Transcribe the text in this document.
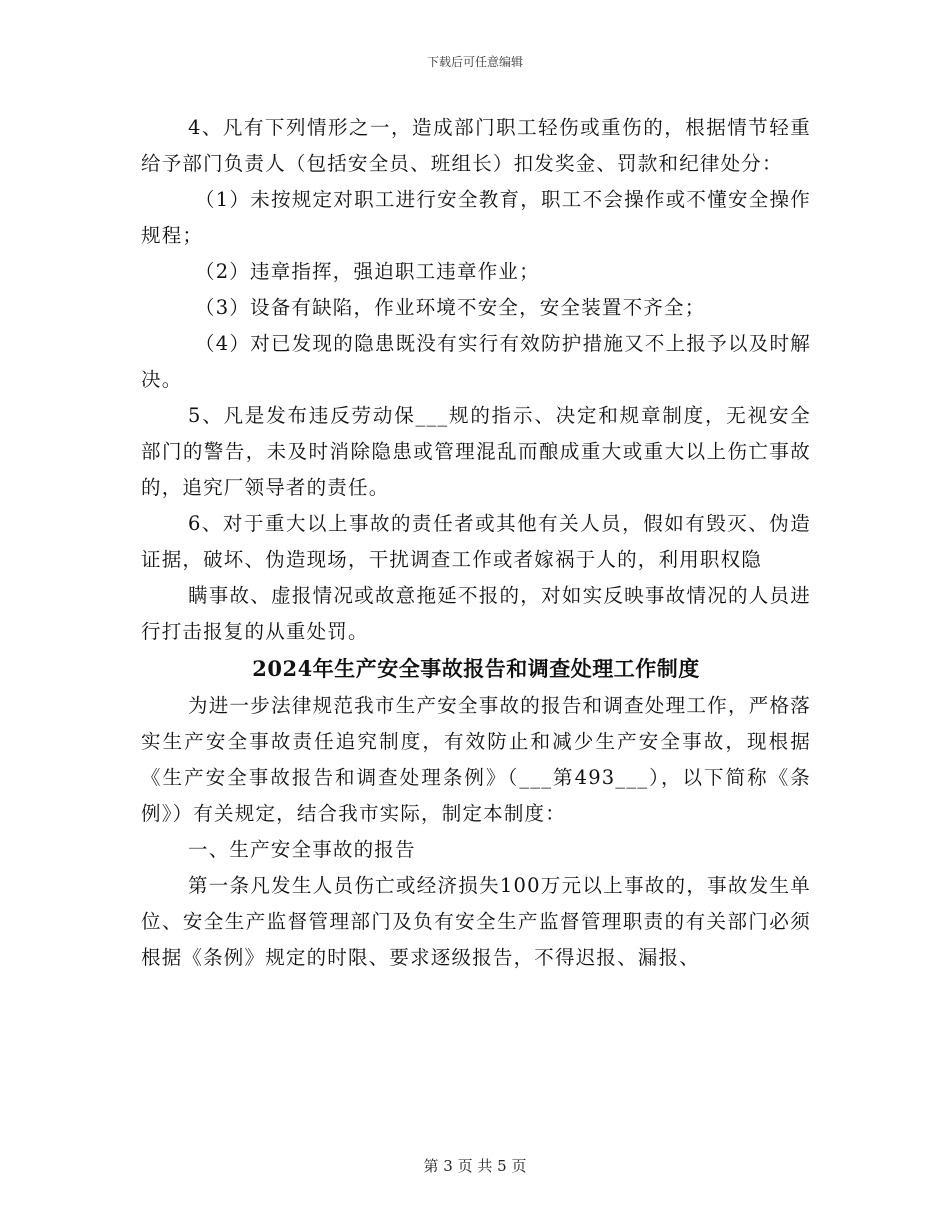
下载后可任意编辑

4、凡有下列情形之一，造成部门职工轻伤或重伤的，根据情节轻重给予部门负责人（包括安全员、班组长）扣发奖金、罚款和纪律处分：

（1）未按规定对职工进行安全教育，职工不会操作或不懂安全操作规程；

（2）违章指挥，强迫职工违章作业；

（3）设备有缺陷，作业环境不安全，安全装置不齐全；

（4）对已发现的隐患既没有实行有效防护措施又不上报予以及时解决。

5、凡是发布违反劳动保___规的指示、决定和规章制度，无视安全部门的警告，未及时消除隐患或管理混乱而酿成重大或重大以上伤亡事故的，追究厂领导者的责任。

6、对于重大以上事故的责任者或其他有关人员，假如有毁灭、伪造证据，破坏、伪造现场，干扰调查工作或者嫁祸于人的，利用职权隐

瞒事故、虚报情况或故意拖延不报的，对如实反映事故情况的人员进行打击报复的从重处罚。

2024年生产安全事故报告和调查处理工作制度

为进一步法律规范我市生产安全事故的报告和调查处理工作，严格落实生产安全事故责任追究制度，有效防止和减少生产安全事故，现根据《生产安全事故报告和调查处理条例》（___第493___），以下简称《条例》）有关规定，结合我市实际，制定本制度：

一、生产安全事故的报告

第一条凡发生人员伤亡或经济损失100万元以上事故的，事故发生单位、安全生产监督管理部门及负有安全生产监督管理职责的有关部门必须根据《条例》规定的时限、要求逐级报告，不得迟报、漏报、

第 3 页 共 5 页
